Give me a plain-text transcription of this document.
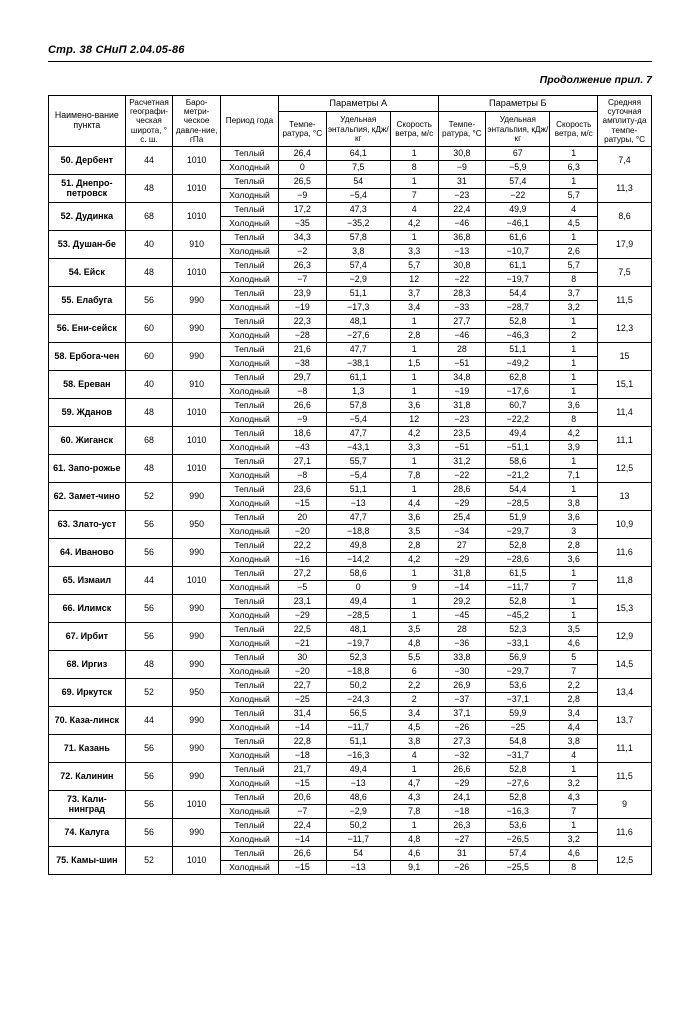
Стр. 38 СНиП 2.04.05-86
Продолжение прил. 7
Наимено-вание пункта	Расчетная географи-ческая широта, ° с. ш.	Баро-метри-ческое давле-ние, гПа	Период года	Параметры А			Параметры Б			Средняя суточная амплиту-да темпе-ратуры, °С
				Темпе-ратура, °С	Удельная энтальпия, кДж/кг	Скорость ветра, м/с	Темпе-ратура, °С	Удельная энтальпия, кДж/кг	Скорость ветра, м/с	
50. Дербент	44	1010	Теплый	26,4	64,1	1	30,8	67	1	7,4
			Холодный	0	7,5	8	−9	−5,9	6,3	
51. Днепро-петровск	48	1010	Теплый	26,5	54	1	31	57,4	1	11,3
			Холодный	−9	−5,4	7	−23	−22	5,7	
52. Дудинка	68	1010	Теплый	17,2	47,3	4	22,4	49,9	4	8,6
			Холодный	−35	−35,2	4,2	−46	−46,1	4,5	
53. Душан-бе	40	910	Теплый	34,3	57,8	1	36,8	61,6	1	17,9
			Холодный	−2	3,8	3,3	−13	−10,7	2,6	
54. Ейск	48	1010	Теплый	26,3	57,4	5,7	30,8	61,1	5,7	7,5
			Холодный	−7	−2,9	12	−22	−19,7	8	
55. Елабуга	56	990	Теплый	23,9	51,1	3,7	28,3	54,4	3,7	11,5
			Холодный	−19	−17,3	3,4	−33	−28,7	3,2	
56. Ени-сейск	60	990	Теплый	22,3	48,1	1	27,7	52,8	1	12,3
			Холодный	−28	−27,6	2,8	−46	−46,3	2	
58. Ербога-чен	60	990	Теплый	21,6	47,7	1	28	51,1	1	15
			Холодный	−38	−38,1	1,5	−51	−49,2	1	
58. Ереван	40	910	Теплый	29,7	61,1	1	34,8	62,8	1	15,1
			Холодный	−8	1,3	1	−19	−17,6	1	
59. Жданов	48	1010	Теплый	26,6	57,8	3,6	31,8	60,7	3,6	11,4
			Холодный	−9	−5,4	12	−23	−22,2	8	
60. Жиганск	68	1010	Теплый	18,6	47,7	4,2	23,5	49,4	4,2	11,1
			Холодный	−43	−43,1	3,3	−51	−51,1	3,9	
61. Запо-рожье	48	1010	Теплый	27,1	55,7	1	31,2	58,6	1	12,5
			Холодный	−8	−5,4	7,8	−22	−21,2	7,1	
62. Замет-чино	52	990	Теплый	23,6	51,1	1	28,6	54,4	1	13
			Холодный	−15	−13	4,4	−29	−28,5	3,8	
63. Злато-уст	56	950	Теплый	20	47,7	3,6	25,4	51,9	3,6	10,9
			Холодный	−20	−18,8	3,5	−34	−29,7	3	
64. Иваново	56	990	Теплый	22,2	49,8	2,8	27	52,8	2,8	11,6
			Холодный	−16	−14,2	4,2	−29	−28,6	3,6	
65. Измаил	44	1010	Теплый	27,2	58,6	1	31,8	61,5	1	11,8
			Холодный	−5	0	9	−14	−11,7	7	
66. Илимск	56	990	Теплый	23,1	49,4	1	29,2	52,8	1	15,3
			Холодный	−29	−28,5	1	−45	−45,2	1	
67. Ирбит	56	990	Теплый	22,5	48,1	3,5	28	52,3	3,5	12,9
			Холодный	−21	−19,7	4,8	−36	−33,1	4,6	
68. Иргиз	48	990	Теплый	30	52,3	5,5	33,8	56,9	5	14,5
			Холодный	−20	−18,8	6	−30	−29,7	7	
69. Иркутск	52	950	Теплый	22,7	50,2	2,2	26,9	53,6	2,2	13,4
			Холодный	−25	−24,3	2	−37	−37,1	2,8	
70. Каза-линск	44	990	Теплый	31,4	56,5	3,4	37,1	59,9	3,4	13,7
			Холодный	−14	−11,7	4,5	−26	−25	4,4	
71. Казань	56	990	Теплый	22,8	51,1	3,8	27,3	54,8	3,8	11,1
			Холодный	−18	−16,3	4	−32	−31,7	4	
72. Калинин	56	990	Теплый	21,7	49,4	1	26,6	52,8	1	11,5
			Холодный	−15	−13	4,7	−29	−27,6	3,2	
73. Кали-нинград	56	1010	Теплый	20,6	48,6	4,3	24,1	52,8	4,3	9
			Холодный	−7	−2,9	7,8	−18	−16,3	7	
74. Калуга	56	990	Теплый	22,4	50,2	1	26,3	53,6	1	11,6
			Холодный	−14	−11,7	4,8	−27	−26,5	3,2	
75. Камы-шин	52	1010	Теплый	26,6	54	4,6	31	57,4	4,6	12,5
			Холодный	−15	−13	9,1	−26	−25,5	8	
